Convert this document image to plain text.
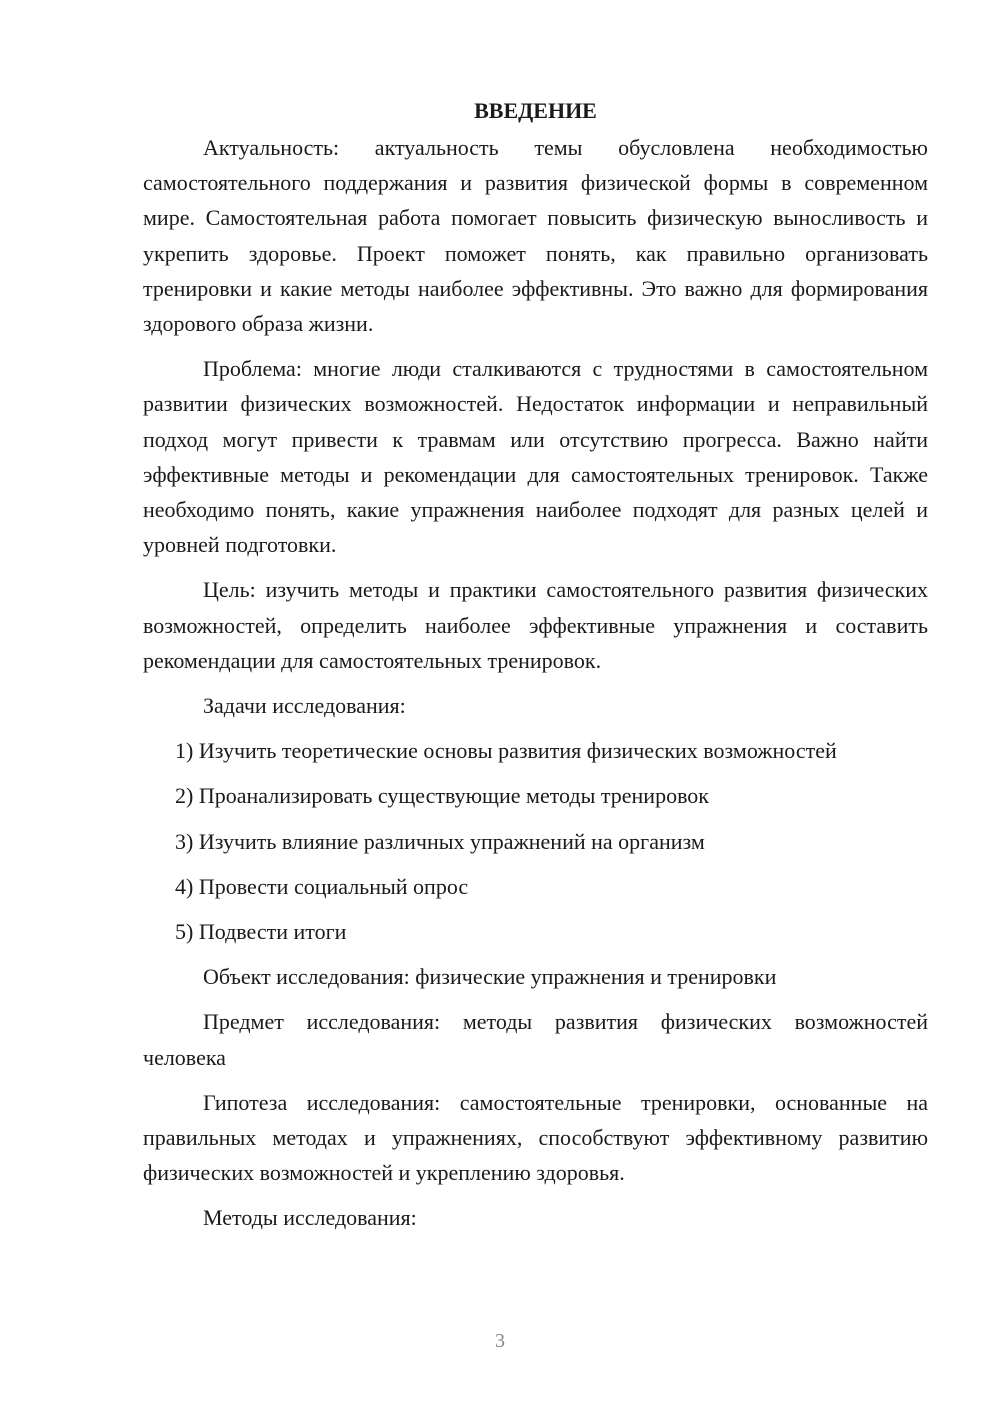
ВВЕДЕНИЕ

Актуальность: актуальность темы обусловлена необходимостью самостоятельного поддержания и развития физической формы в современном мире. Самостоятельная работа помогает повысить физическую выносливость и укрепить здоровье. Проект поможет понять, как правильно организовать тренировки и какие методы наиболее эффективны. Это важно для формирования здорового образа жизни.

Проблема: многие люди сталкиваются с трудностями в самостоятельном развитии физических возможностей. Недостаток информации и неправильный подход могут привести к травмам или отсутствию прогресса. Важно найти эффективные методы и рекомендации для самостоятельных тренировок. Также необходимо понять, какие упражнения наиболее подходят для разных целей и уровней подготовки.

Цель: изучить методы и практики самостоятельного развития физических возможностей, определить наиболее эффективные упражнения и составить рекомендации для самостоятельных тренировок.

Задачи исследования:

1) Изучить теоретические основы развития физических возможностей
2) Проанализировать существующие методы тренировок
3) Изучить влияние различных упражнений на организм
4) Провести социальный опрос
5) Подвести итоги

Объект исследования: физические упражнения и тренировки

Предмет исследования: методы развития физических возможностей человека

Гипотеза исследования: самостоятельные тренировки, основанные на правильных методах и упражнениях, способствуют эффективному развитию физических возможностей и укреплению здоровья.

Методы исследования:

3
